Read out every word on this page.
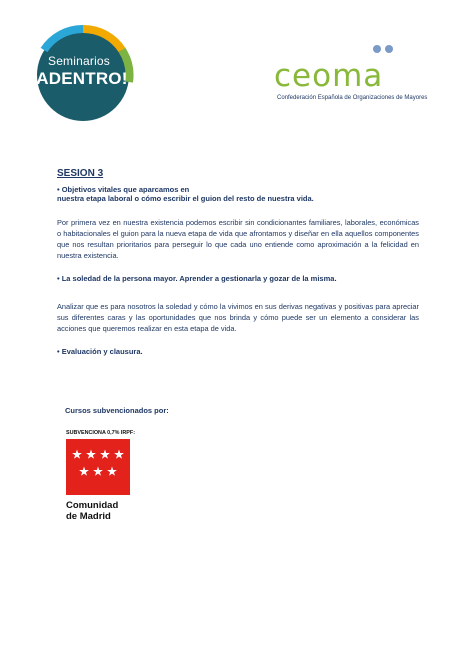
Seminarios
¡ADENTRO!	ceoma
Confederación Española de Organizaciones de Mayores
SESION 3

• Objetivos vitales que aparcamos en

nuestra etapa laboral o cómo escribir el guion del resto de nuestra vida.

Por primera vez en nuestra existencia podemos escribir sin condicionantes familiares, laborales, económicas o habitacionales el guion para la nueva etapa de vida que afrontamos y diseñar en ella aquellos componentes que nos resultan prioritarios para perseguir lo que cada uno entiende como aproximación a la felicidad en nuestra existencia.

• La soledad de la persona mayor. Aprender a gestionarla y gozar de la misma.

Analizar que es para nosotros la soledad y cómo la vivimos en sus derivas negativas y positivas para apreciar sus diferentes caras y las oportunidades que nos brinda y cómo puede ser un elemento a considerar las acciones que queremos realizar en esta etapa de vida.

• Evaluación y clausura.

Cursos subvencionados por:
SUBVENCIONA 0,7% IRPF:
Comunidad
de Madrid
